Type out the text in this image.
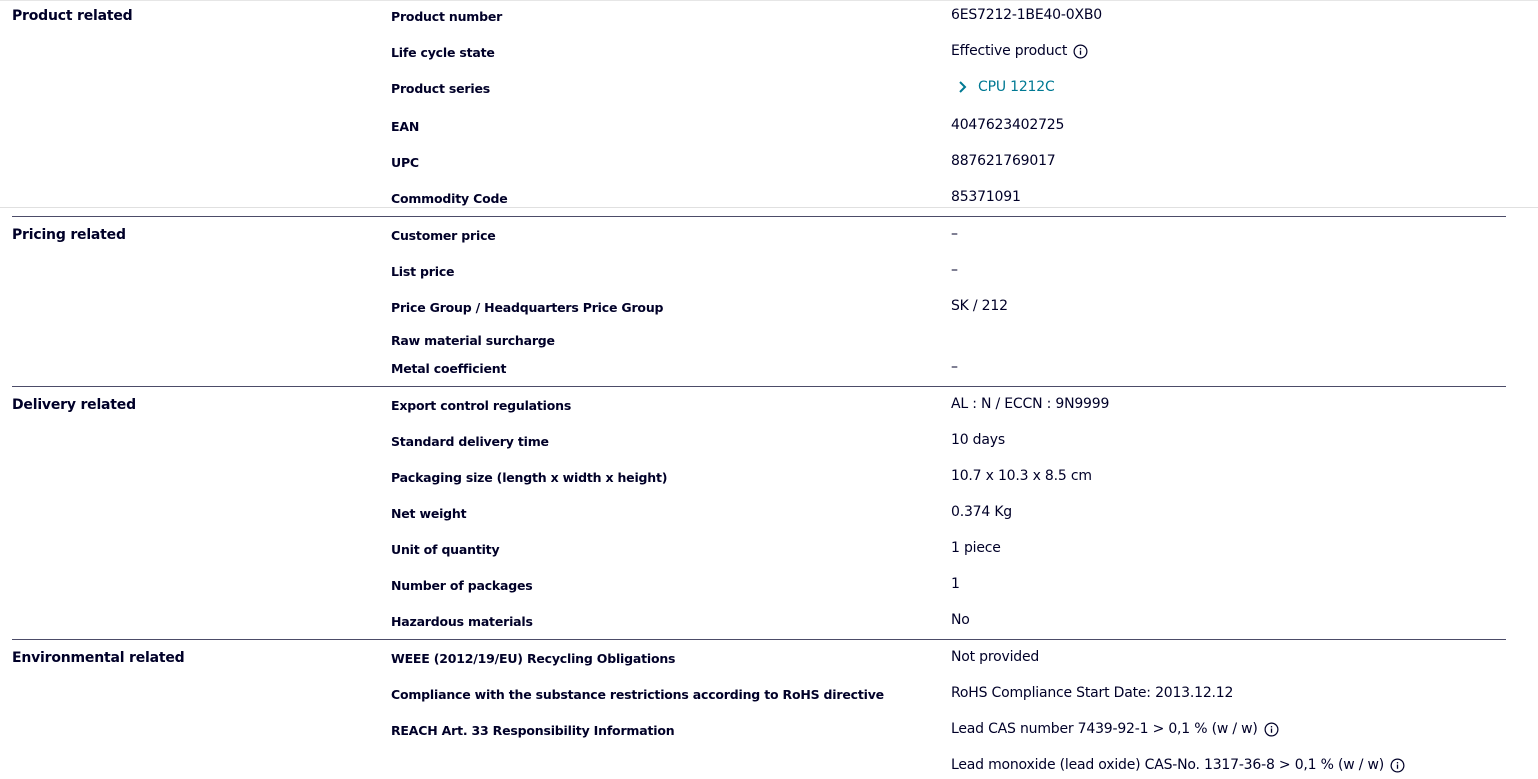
Product related	Product number	6ES7212-1BE40-0XB0
Life cycle state	Effective product
Product series	CPU 1212C
EAN	4047623402725
UPC	887621769017
Commodity Code	85371091
Pricing related	Customer price	–
List price	–
Price Group / Headquarters Price Group	SK / 212
Raw material surcharge
Metal coefficient	–
Delivery related	Export control regulations	AL : N / ECCN : 9N9999
Standard delivery time	10 days
Packaging size (length x width x height)	10.7 x 10.3 x 8.5 cm
Net weight	0.374 Kg
Unit of quantity	1 piece
Number of packages	1
Hazardous materials	No
Environmental related	WEEE (2012/19/EU) Recycling Obligations	Not provided
Compliance with the substance restrictions according to RoHS directive	RoHS Compliance Start Date: 2013.12.12
REACH Art. 33 Responsibility Information	Lead CAS number 7439-92-1 > 0,1 % (w / w)
Lead monoxide (lead oxide) CAS-No. 1317-36-8 > 0,1 % (w / w)
